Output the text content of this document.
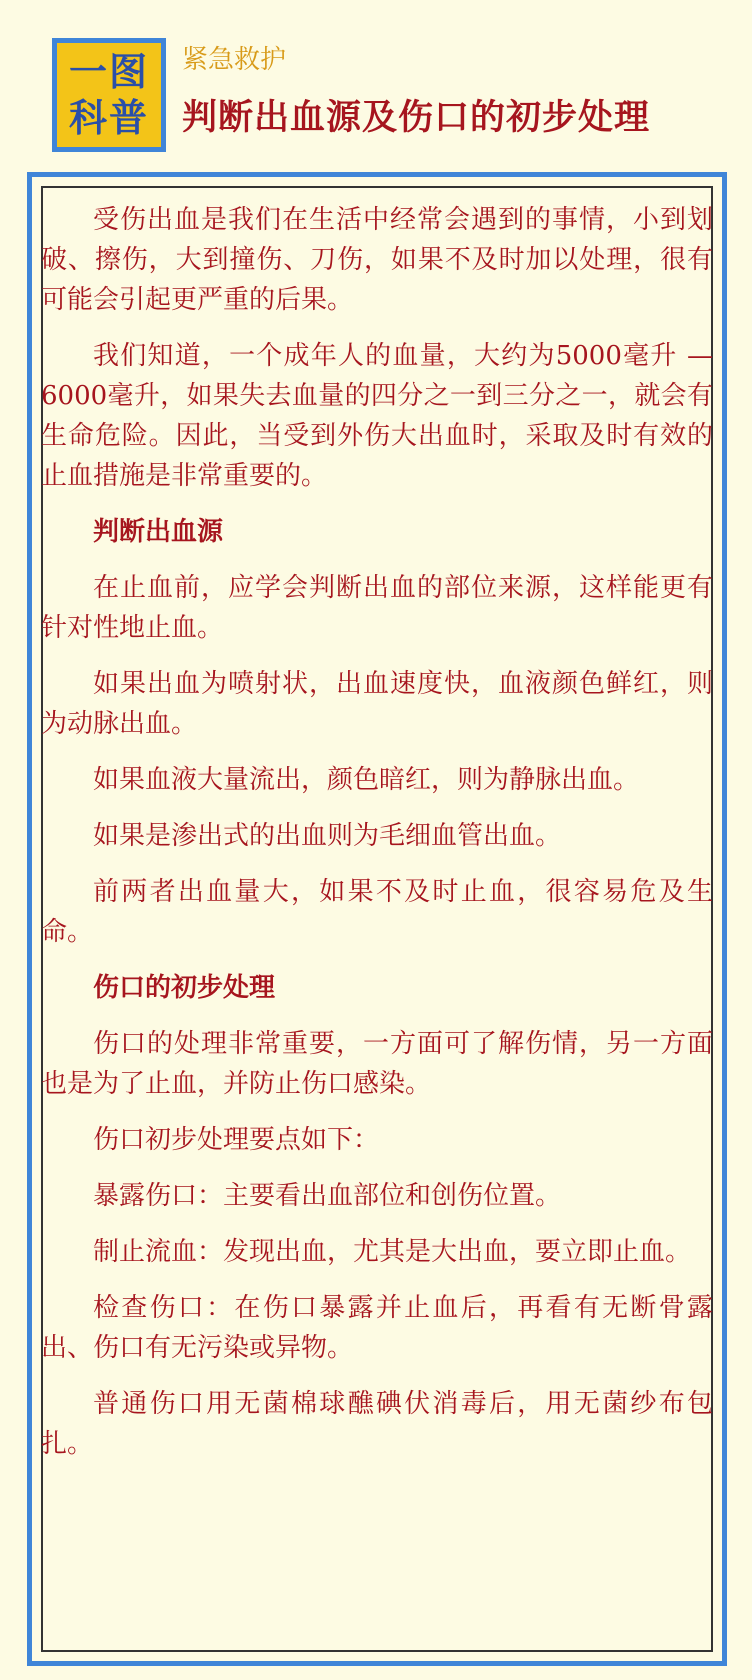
一图
科普
紧急救护
判断出血源及伤口的初步处理

受伤出血是我们在生活中经常会遇到的事情，小到划破、擦伤，大到撞伤、刀伤，如果不及时加以处理，很有可能会引起更严重的后果。

我们知道，一个成年人的血量，大约为5000毫升 — 6000毫升，如果失去血量的四分之一到三分之一，就会有生命危险。因此，当受到外伤大出血时，采取及时有效的止血措施是非常重要的。

判断出血源

在止血前，应学会判断出血的部位来源，这样能更有针对性地止血。

如果出血为喷射状，出血速度快，血液颜色鲜红，则为动脉出血。

如果血液大量流出，颜色暗红，则为静脉出血。

如果是渗出式的出血则为毛细血管出血。

前两者出血量大，如果不及时止血，很容易危及生命。

伤口的初步处理

伤口的处理非常重要，一方面可了解伤情，另一方面也是为了止血，并防止伤口感染。

伤口初步处理要点如下：

暴露伤口：主要看出血部位和创伤位置。

制止流血：发现出血，尤其是大出血，要立即止血。

检查伤口：在伤口暴露并止血后，再看有无断骨露出、伤口有无污染或异物。

普通伤口用无菌棉球醮碘伏消毒后，用无菌纱布包扎。
